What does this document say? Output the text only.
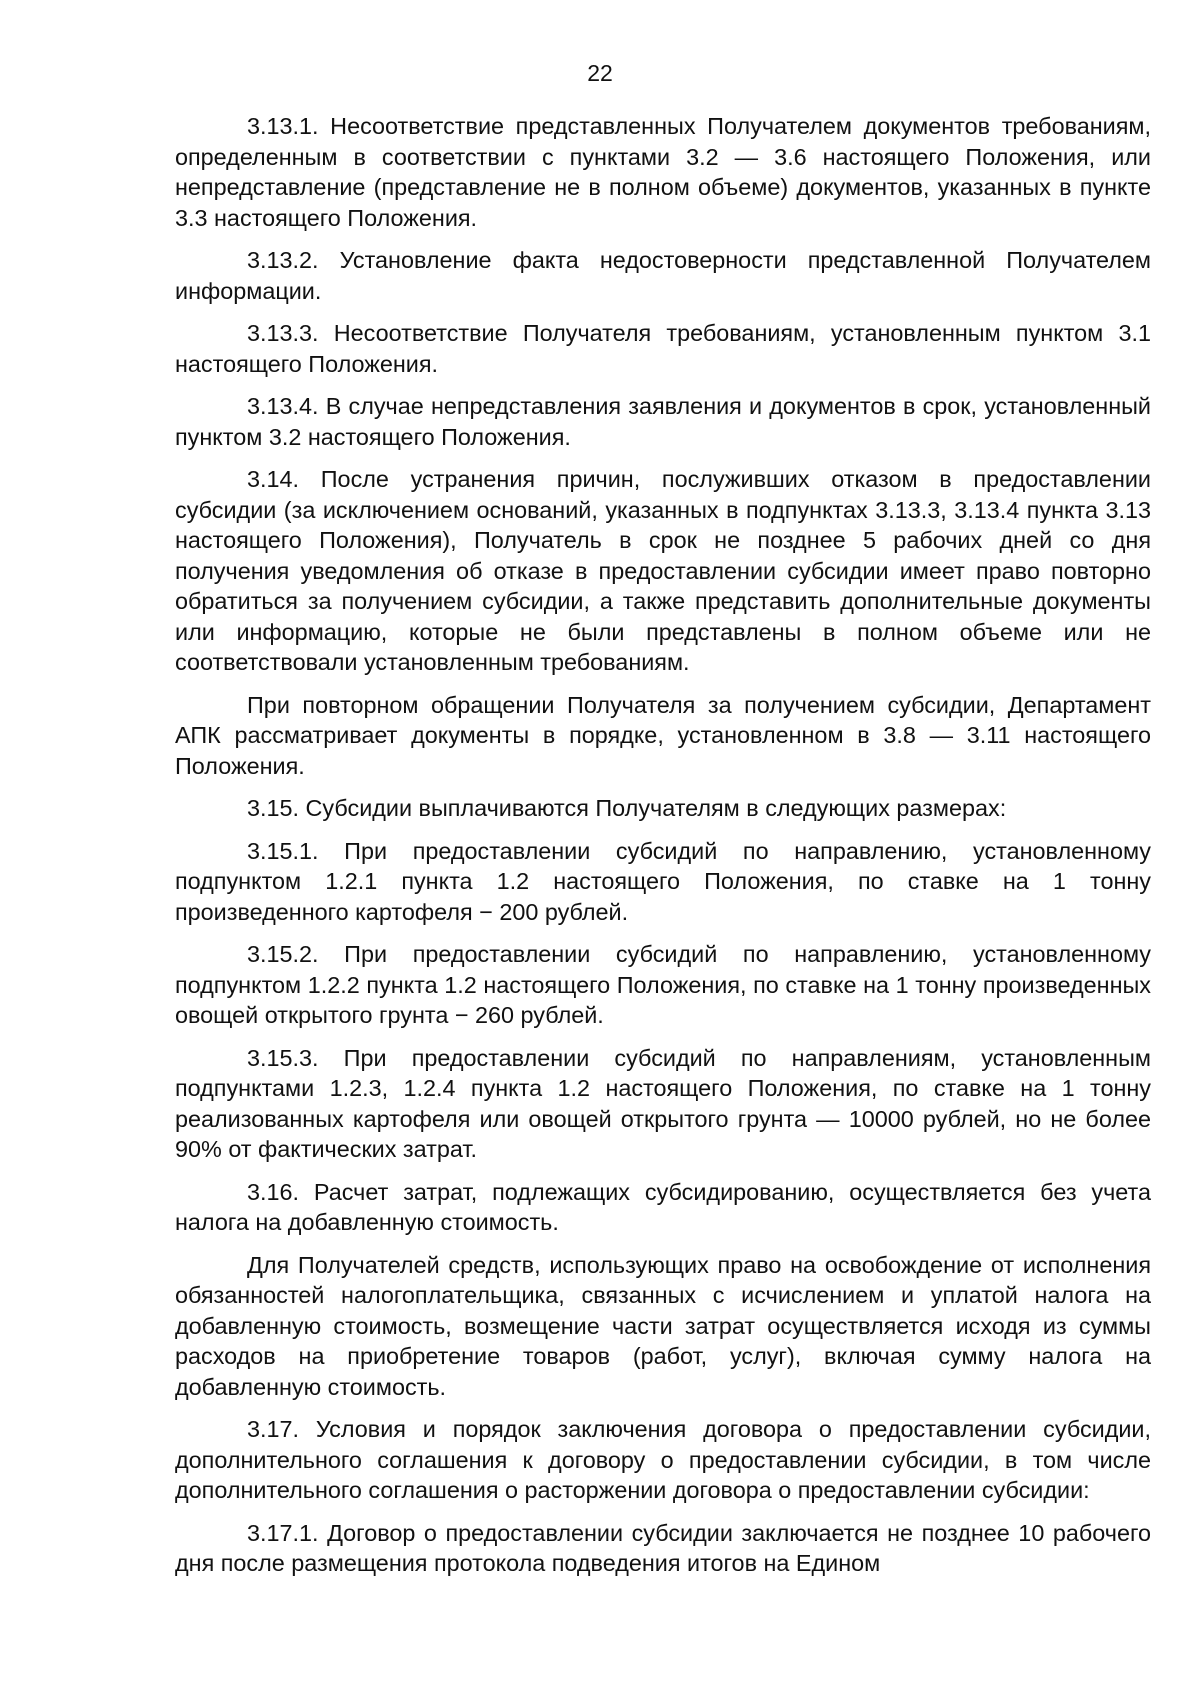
22

3.13.1. Несоответствие представленных Получателем документов требованиям, определенным в соответствии с пунктами 3.2 — 3.6 настоящего Положения, или непредставление (представление не в полном объеме) документов, указанных в пункте 3.3 настоящего Положения.

3.13.2. Установление факта недостоверности представленной Получателем информации.

3.13.3. Несоответствие Получателя требованиям, установленным пунктом 3.1 настоящего Положения.

3.13.4. В случае непредставления заявления и документов в срок, установленный пунктом 3.2 настоящего Положения.

3.14. После устранения причин, послуживших отказом в предоставлении субсидии (за исключением оснований, указанных в подпунктах 3.13.3, 3.13.4 пункта 3.13 настоящего Положения), Получатель в срок не позднее 5 рабочих дней со дня получения уведомления об отказе в предоставлении субсидии имеет право повторно обратиться за получением субсидии, а также представить дополнительные документы или информацию, которые не были представлены в полном объеме или не соответствовали установленным требованиям.

При повторном обращении Получателя за получением субсидии, Департамент АПК рассматривает документы в порядке, установленном в 3.8 — 3.11 настоящего Положения.

3.15. Субсидии выплачиваются Получателям в следующих размерах:

3.15.1. При предоставлении субсидий по направлению, установленному подпунктом 1.2.1 пункта 1.2 настоящего Положения, по ставке на 1 тонну произведенного картофеля − 200 рублей.

3.15.2. При предоставлении субсидий по направлению, установленному подпунктом 1.2.2 пункта 1.2 настоящего Положения, по ставке на 1 тонну произведенных овощей открытого грунта − 260 рублей.

3.15.3. При предоставлении субсидий по направлениям, установленным подпунктами 1.2.3, 1.2.4 пункта 1.2 настоящего Положения, по ставке на 1 тонну реализованных картофеля или овощей открытого грунта — 10000 рублей, но не более 90% от фактических затрат.

3.16. Расчет затрат, подлежащих субсидированию, осуществляется без учета налога на добавленную стоимость.

Для Получателей средств, использующих право на освобождение от исполнения обязанностей налогоплательщика, связанных с исчислением и уплатой налога на добавленную стоимость, возмещение части затрат осуществляется исходя из суммы расходов на приобретение товаров (работ, услуг), включая сумму налога на добавленную стоимость.

3.17. Условия и порядок заключения договора о предоставлении субсидии, дополнительного соглашения к договору о предоставлении субсидии, в том числе дополнительного соглашения о расторжении договора о предоставлении субсидии:

3.17.1. Договор о предоставлении субсидии заключается не позднее 10 рабочего дня после размещения протокола подведения итогов на Едином
